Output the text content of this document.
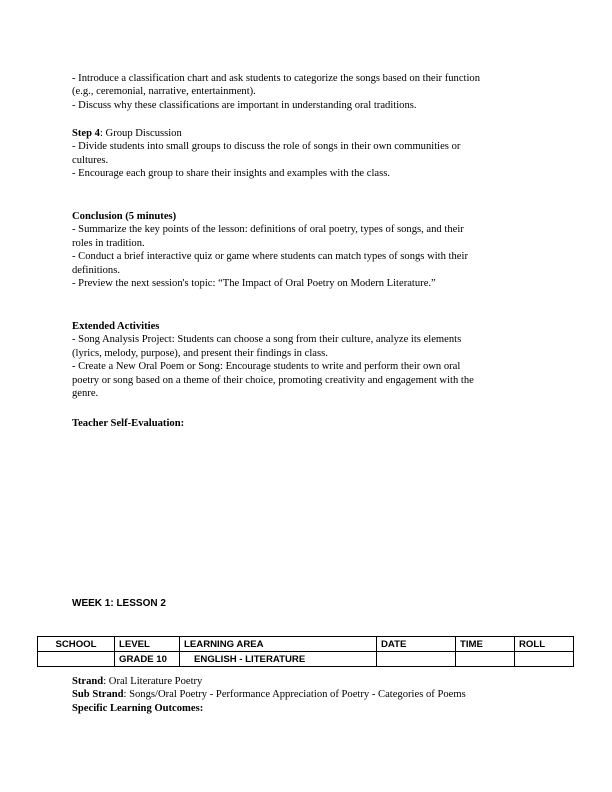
- Introduce a classification chart and ask students to categorize the songs based on their function
(e.g., ceremonial, narrative, entertainment).
- Discuss why these classifications are important in understanding oral traditions.
Step 4: Group Discussion
- Divide students into small groups to discuss the role of songs in their own communities or
cultures.
- Encourage each group to share their insights and examples with the class.
Conclusion (5 minutes)
- Summarize the key points of the lesson: definitions of oral poetry, types of songs, and their
roles in tradition.
- Conduct a brief interactive quiz or game where students can match types of songs with their
definitions.
- Preview the next session's topic: “The Impact of Oral Poetry on Modern Literature.”
Extended Activities
- Song Analysis Project: Students can choose a song from their culture, analyze its elements
(lyrics, melody, purpose), and present their findings in class.
- Create a New Oral Poem or Song: Encourage students to write and perform their own oral
poetry or song based on a theme of their choice, promoting creativity and engagement with the
genre.
Teacher Self-Evaluation:
WEEK 1: LESSON 2
SCHOOL	LEVEL	LEARNING AREA	DATE	TIME	ROLL
	GRADE 10	ENGLISH - LITERATURE			
Strand: Oral Literature Poetry
Sub Strand: Songs/Oral Poetry - Performance Appreciation of Poetry - Categories of Poems
Specific Learning Outcomes:
